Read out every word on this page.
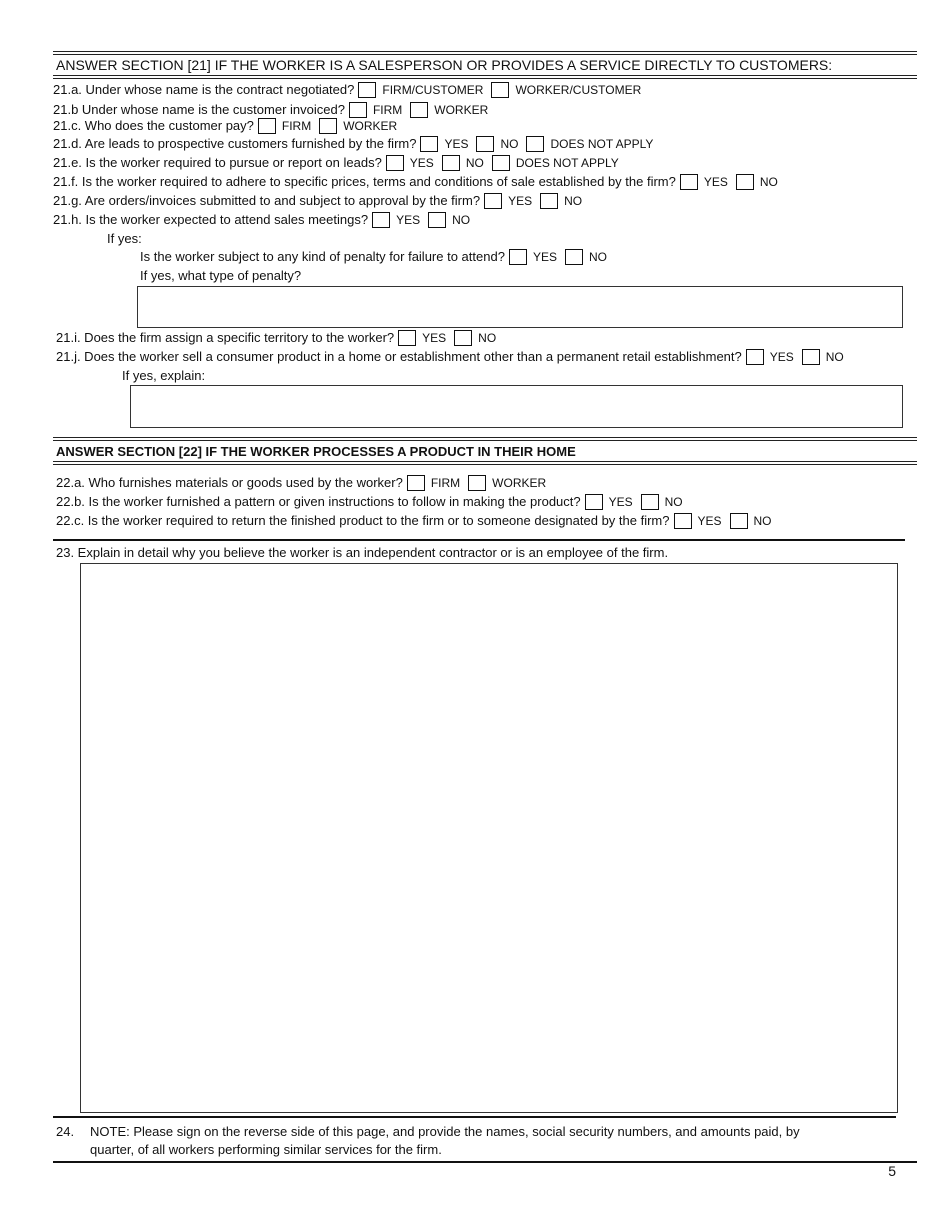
ANSWER SECTION [21] IF THE WORKER IS A SALESPERSON OR PROVIDES A SERVICE DIRECTLY TO CUSTOMERS:
21.a. Under whose name is the contract negotiated? FIRM/CUSTOMER	WORKER/CUSTOMER
21.b Under whose name is the customer invoiced? FIRM	WORKER
21.c. Who does the customer pay? FIRM	WORKER
21.d. Are leads to prospective customers furnished by the firm? YES	NO	DOES NOT APPLY
21.e. Is the worker required to pursue or report on leads? YES	NO	DOES NOT APPLY
21.f. Is the worker required to adhere to specific prices, terms and conditions of sale established by the firm? YES	NO
21.g. Are orders/invoices submitted to and subject to approval by the firm? YES	NO
21.h. Is the worker expected to attend sales meetings? YES	NO
If yes:
Is the worker subject to any kind of penalty for failure to attend? YES	NO
If yes, what type of penalty?
21.i. Does the firm assign a specific territory to the worker? YES	NO
21.j. Does the worker sell a consumer product in a home or establishment other than a permanent retail establishment? YES	NO
If yes, explain:
ANSWER SECTION [22] IF THE WORKER PROCESSES A PRODUCT IN THEIR HOME
22.a. Who furnishes materials or goods used by the worker? FIRM	WORKER
22.b. Is the worker furnished a pattern or given instructions to follow in making the product? YES	NO
22.c. Is the worker required to return the finished product to the firm or to someone designated by the firm? YES	NO
23. Explain in detail why you believe the worker is an independent contractor or is an employee of the firm.
24.	NOTE: Please sign on the reverse side of this page, and provide the names, social security numbers, and amounts paid, by
quarter, of all workers performing similar services for the firm.
5
